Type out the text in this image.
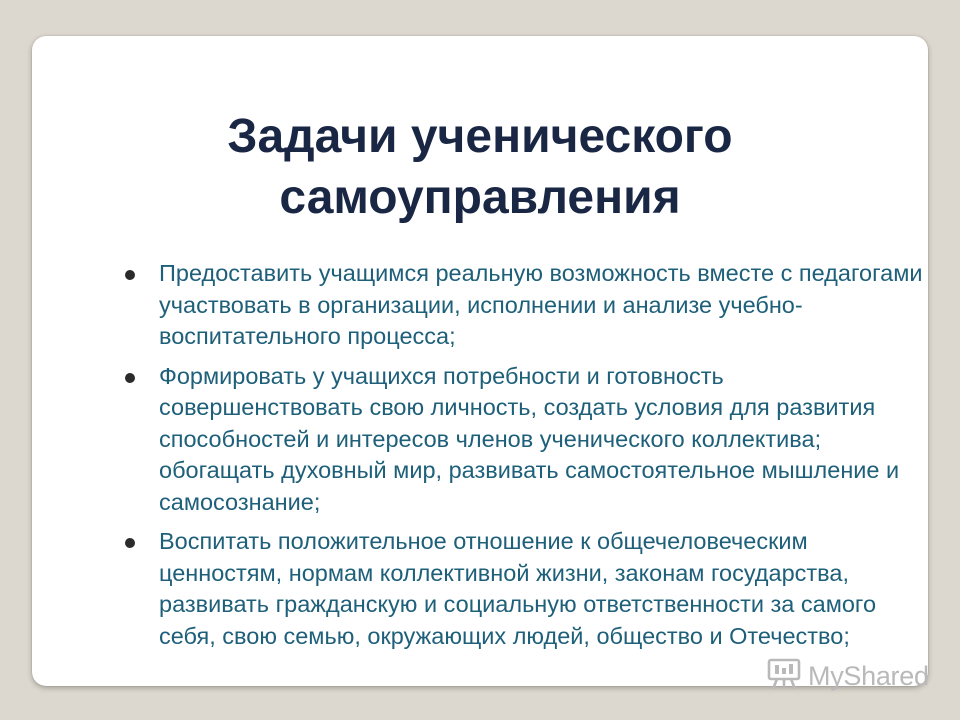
Задачи ученического
самоуправления
Предоставить учащимся реальную возможность вместе с педагогами участвовать в организации, исполнении и анализе учебно-воспитательного процесса;
Формировать у учащихся потребности и готовность совершенствовать свою личность, создать условия для развития способностей и интересов членов ученического коллектива; обогащать духовный мир, развивать самостоятельное мышление и самосознание;
Воспитать положительное отношение к общечеловеческим ценностям, нормам коллективной жизни, законам государства, развивать гражданскую и социальную ответственности за самого себя, свою семью, окружающих людей, общество и Отечество;
MyShared
